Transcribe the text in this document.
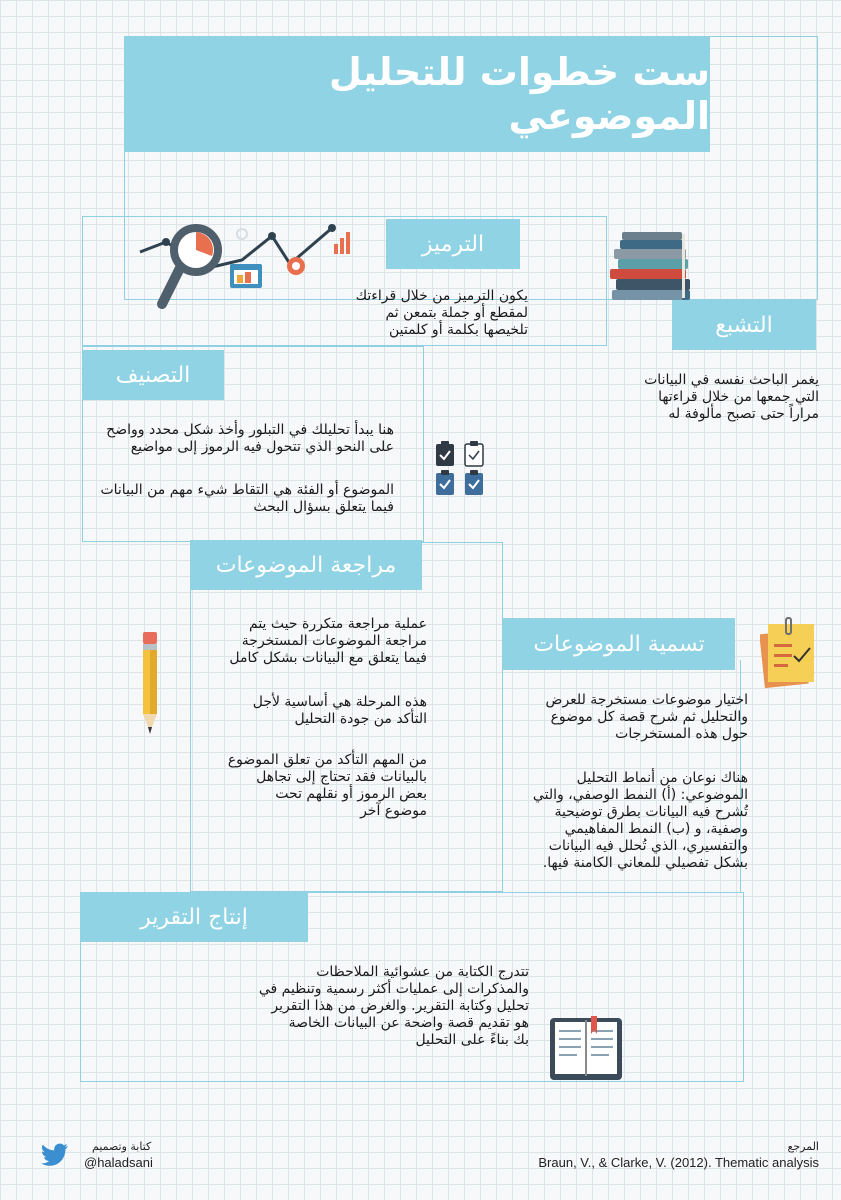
ست خطوات للتحليل الموضوعي
التشبع

يغمر الباحث نفسه في البيانات
التي جمعها من خلال قراءتها
مراراً حتى تصبح مألوفة له

الترميز

يكون الترميز من خلال قراءتك
لمقطع أو جملة بتمعن ثم
تلخيصها بكلمة أو كلمتين

التصنيف

هنا يبدأ تحليلك في التبلور وأخذ شكل محدد وواضح
على النحو الذي تتحول فيه الرموز إلى مواضيع

الموضوع أو الفئة هي التقاط شيء مهم من البيانات
فيما يتعلق بسؤال البحث

مراجعة الموضوعات

عملية مراجعة متكررة حيث يتم
مراجعة الموضوعات المستخرجة
فيما يتعلق مع البيانات بشكل كامل

هذه المرحلة هي أساسية لأجل
التأكد من جودة التحليل

من المهم التأكد من تعلق الموضوع
بالبيانات فقد تحتاج إلى تجاهل
بعض الرموز أو نقلهم تحت
موضوع آخر

تسمية الموضوعات

اختيار موضوعات مستخرجة للعرض
والتحليل ثم شرح قصة كل موضوع
حول هذه المستخرجات

هناك نوعان من أنماط التحليل
الموضوعي: (أ) النمط الوصفي، والتي
تُشرح فيه البيانات بطرق توضيحية
وصفية، و (ب) النمط المفاهيمي
والتفسيري، الذي تُحلل فيه البيانات
بشكل تفصيلي للمعاني الكامنة فيها.

إنتاج التقرير

تتدرج الكتابة من عشوائية الملاحظات
والمذكرات إلى عمليات أكثر رسمية وتنظيم في
تحليل وكتابة التقرير. والغرض من هذا التقرير
هو تقديم قصة واضحة عن البيانات الخاصة
بك بناءً على التحليل

كتابة وتصميم
@haladsani
المرجع
Braun, V., & Clarke, V. (2012). Thematic analysis
